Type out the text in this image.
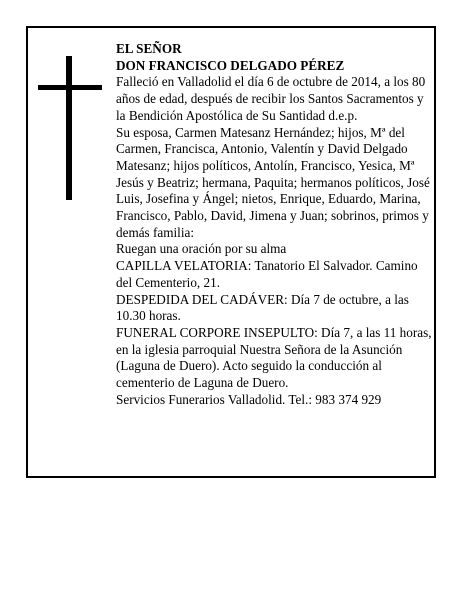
EL SEÑOR

DON FRANCISCO DELGADO PÉREZ

Falleció en Valladolid el día 6 de octubre de 2014, a los 80 años de edad, después de recibir los Santos Sacramentos y la Bendición Apostólica de Su Santidad d.e.p.

Su esposa, Carmen Matesanz Hernández; hijos, Mª del Carmen, Francisca, Antonio, Valentín y David Delgado Matesanz; hijos políticos, Antolín, Francisco, Yesica, Mª Jesús y Beatriz; hermana, Paquita; hermanos políticos, José Luis, Josefina y Ángel; nietos, Enrique, Eduardo, Marina, Francisco, Pablo, David, Jimena y Juan; sobrinos, primos y demás familia:

Ruegan una oración por su alma

CAPILLA VELATORIA: Tanatorio El Salvador. Camino del Cementerio, 21.

DESPEDIDA DEL CADÁVER: Día 7 de octubre, a las 10.30 horas.

FUNERAL CORPORE INSEPULTO: Día 7, a las 11 horas, en la iglesia parroquial Nuestra Señora de la Asunción (Laguna de Duero). Acto seguido la conducción al cementerio de Laguna de Duero.

Servicios Funerarios Valladolid. Tel.: 983 374 929
